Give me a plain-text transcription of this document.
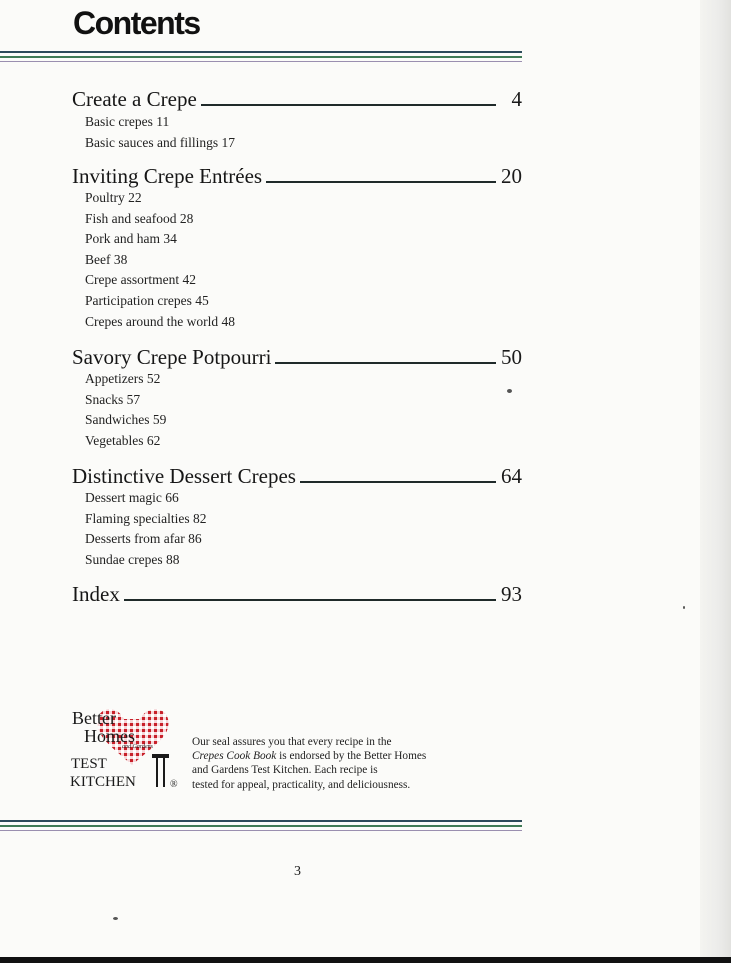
Contents
Create a Crepe	4
Basic crepes 11
Basic sauces and fillings 17
Inviting Crepe Entrées	20
Poultry 22
Fish and seafood 28
Pork and ham 34
Beef 38
Crepe assortment 42
Participation crepes 45
Crepes around the world 48
Savory Crepe Potpourri	50
Appetizers 52
Snacks 57
Sandwiches 59
Vegetables 62
Distinctive Dessert Crepes	64
Dessert magic 66
Flaming specialties 82
Desserts from afar 86
Sundae crepes 88
Index	93
Better
Homes
and Gardens
TEST
KITCHEN	®
Our seal assures you that every recipe in the
Crepes Cook Book is endorsed by the Better Homes
and Gardens Test Kitchen. Each recipe is
tested for appeal, practicality, and deliciousness.
3
